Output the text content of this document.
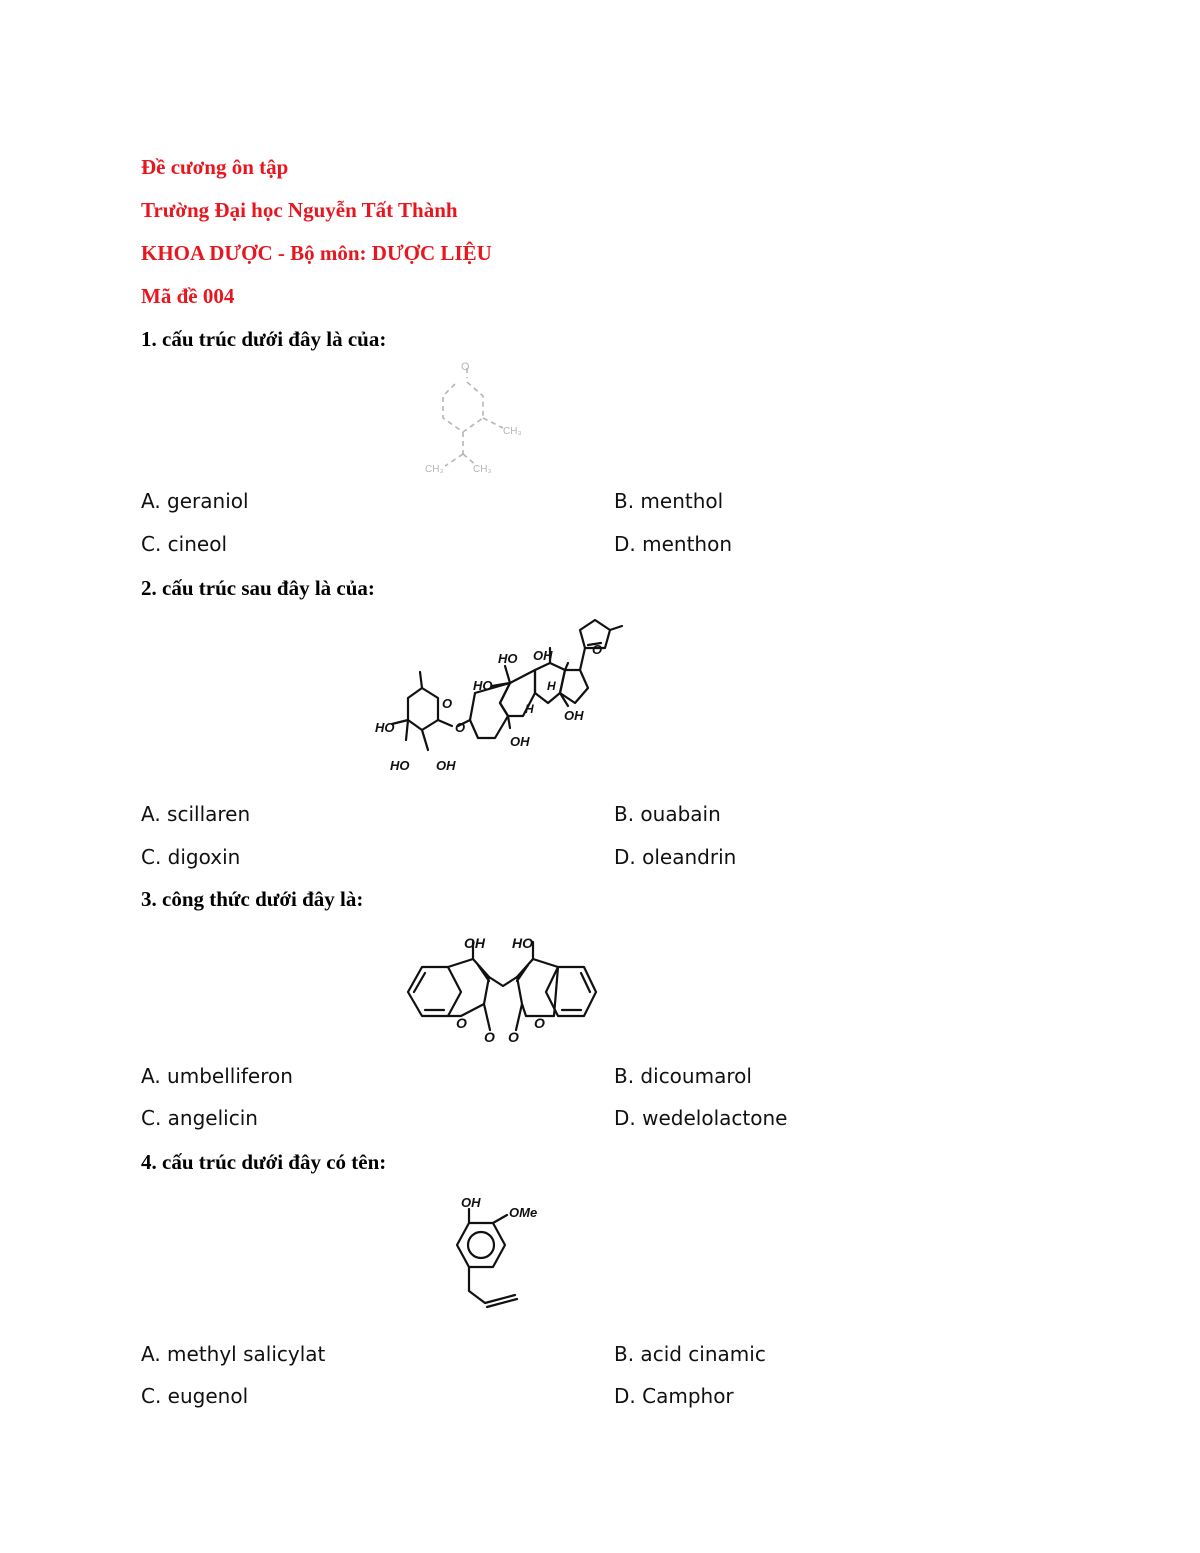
Đề cương ôn tập
Trường Đại học Nguyễn Tất Thành
KHOA DƯỢC - Bộ môn: DƯỢC LIỆU
Mã đề 004
1. cấu trúc dưới đây là của:
O
CH₃
CH₃	CH₃
A. geraniol	B. menthol
C. cineol	D. menthon
2. cấu trúc sau đây là của:
O
HO OH
HO	H
H OH
OH
HO
HO OH
O
O
A. scillaren	B. ouabain
C. digoxin	D. oleandrin
3. công thức dưới đây là:
OH HO
O
O O
O
A. umbelliferon	B. dicoumarol
C. angelicin	D. wedelolactone
4. cấu trúc dưới đây có tên:
OH
OMe
A. methyl salicylat	B. acid cinamic
C. eugenol	D. Camphor
